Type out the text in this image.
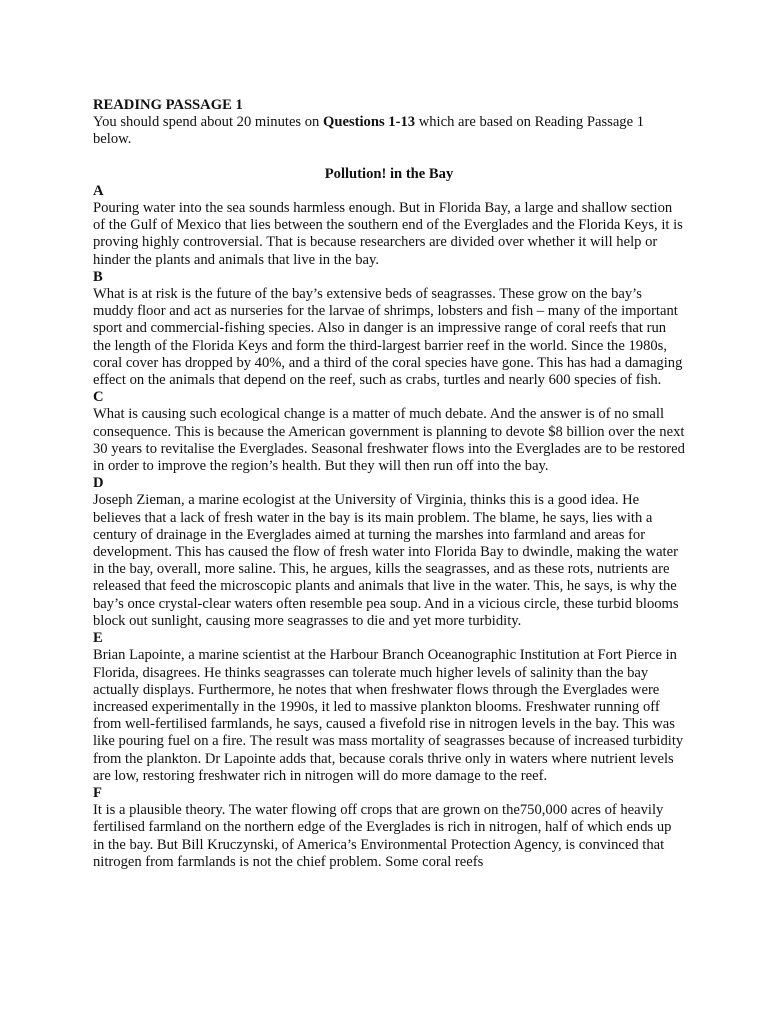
READING PASSAGE 1

You should spend about 20 minutes on Questions 1-13 which are based on Reading Passage 1 below.

Pollution! in the Bay

A

Pouring water into the sea sounds harmless enough. But in Florida Bay, a large and shallow section of the Gulf of Mexico that lies between the southern end of the Everglades and the Florida Keys, it is proving highly controversial. That is because researchers are divided over whether it will help or hinder the plants and animals that live in the bay.

B

What is at risk is the future of the bay’s extensive beds of seagrasses. These grow on the bay’s muddy floor and act as nurseries for the larvae of shrimps, lobsters and fish – many of the important sport and commercial-fishing species. Also in danger is an impressive range of coral reefs that run the length of the Florida Keys and form the third-largest barrier reef in the world. Since the 1980s, coral cover has dropped by 40%, and a third of the coral species have gone. This has had a damaging effect on the animals that depend on the reef, such as crabs, turtles and nearly 600 species of fish.

C

What is causing such ecological change is a matter of much debate. And the answer is of no small consequence. This is because the American government is planning to devote $8 billion over the next 30 years to revitalise the Everglades. Seasonal freshwater flows into the Everglades are to be restored in order to improve the region’s health. But they will then run off into the bay.

D

Joseph Zieman, a marine ecologist at the University of Virginia, thinks this is a good idea. He believes that a lack of fresh water in the bay is its main problem. The blame, he says, lies with a century of drainage in the Everglades aimed at turning the marshes into farmland and areas for development. This has caused the flow of fresh water into Florida Bay to dwindle, making the water in the bay, overall, more saline. This, he argues, kills the seagrasses, and as these rots, nutrients are released that feed the microscopic plants and animals that live in the water. This, he says, is why the bay’s once crystal-clear waters often resemble pea soup. And in a vicious circle, these turbid blooms block out sunlight, causing more seagrasses to die and yet more turbidity.

E

Brian Lapointe, a marine scientist at the Harbour Branch Oceanographic Institution at Fort Pierce in Florida, disagrees. He thinks seagrasses can tolerate much higher levels of salinity than the bay actually displays. Furthermore, he notes that when freshwater flows through the Everglades were increased experimentally in the 1990s, it led to massive plankton blooms. Freshwater running off from well-fertilised farmlands, he says, caused a fivefold rise in nitrogen levels in the bay. This was like pouring fuel on a fire. The result was mass mortality of seagrasses because of increased turbidity from the plankton. Dr Lapointe adds that, because corals thrive only in waters where nutrient levels are low, restoring freshwater rich in nitrogen will do more damage to the reef.

F

It is a plausible theory. The water flowing off crops that are grown on the750,000 acres of heavily fertilised farmland on the northern edge of the Everglades is rich in nitrogen, half of which ends up in the bay. But Bill Kruczynski, of America’s Environmental Protection Agency, is convinced that nitrogen from farmlands is not the chief problem. Some coral reefs
